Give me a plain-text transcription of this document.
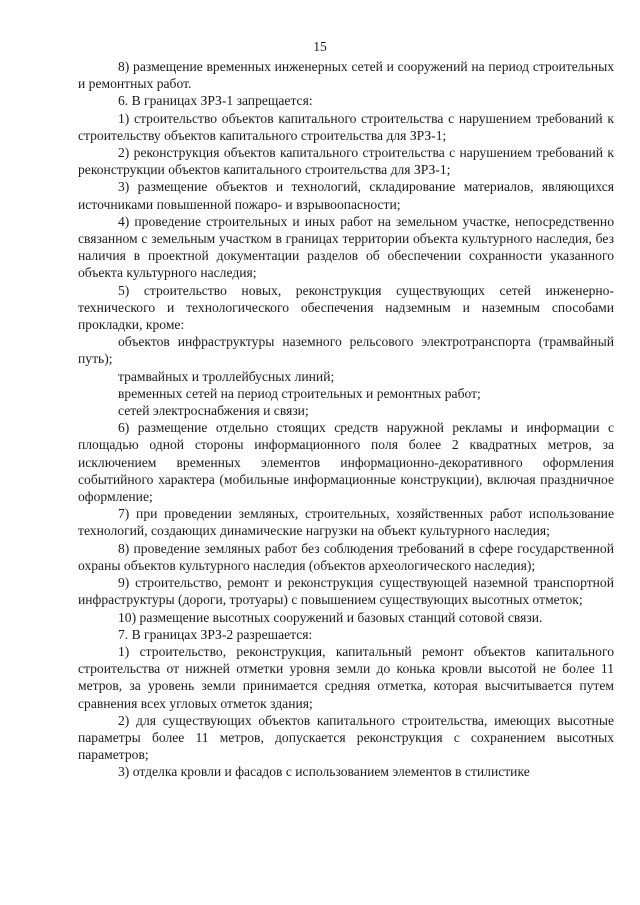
15

8) размещение временных инженерных сетей и сооружений на период строительных и ремонтных работ.

6. В границах ЗРЗ-1 запрещается:

1) строительство объектов капитального строительства с нарушением требований к строительству объектов капитального строительства для ЗРЗ-1;

2) реконструкция объектов капитального строительства с нарушением требований к реконструкции объектов капитального строительства для ЗРЗ-1;

3) размещение объектов и технологий, складирование материалов, являющихся источниками повышенной пожаро- и взрывоопасности;

4) проведение строительных и иных работ на земельном участке, непосредственно связанном с земельным участком в границах территории объекта культурного наследия, без наличия в проектной документации разделов об обеспечении сохранности указанного объекта культурного наследия;

5) строительство новых, реконструкция существующих сетей инженерно-технического и технологического обеспечения надземным и наземным способами прокладки, кроме:

объектов инфраструктуры наземного рельсового электротранспорта (трамвайный путь);

трамвайных и троллейбусных линий;

временных сетей на период строительных и ремонтных работ;

сетей электроснабжения и связи;

6) размещение отдельно стоящих средств наружной рекламы и информации с площадью одной стороны информационного поля более 2 квадратных метров, за исключением временных элементов информационно-декоративного оформления событийного характера (мобильные информационные конструкции), включая праздничное оформление;

7) при проведении земляных, строительных, хозяйственных работ использование технологий, создающих динамические нагрузки на объект культурного наследия;

8) проведение земляных работ без соблюдения требований в сфере государственной охраны объектов культурного наследия (объектов археологического наследия);

9) строительство, ремонт и реконструкция существующей наземной транспортной инфраструктуры (дороги, тротуары) с повышением существующих высотных отметок;

10) размещение высотных сооружений и базовых станций сотовой связи.

7. В границах ЗРЗ-2 разрешается:

1) строительство, реконструкция, капитальный ремонт объектов капитального строительства от нижней отметки уровня земли до конька кровли высотой не более 11 метров, за уровень земли принимается средняя отметка, которая высчитывается путем сравнения всех угловых отметок здания;

2) для существующих объектов капитального строительства, имеющих высотные параметры более 11 метров, допускается реконструкция с сохранением высотных параметров;

3) отделка кровли и фасадов с использованием элементов в стилистике
